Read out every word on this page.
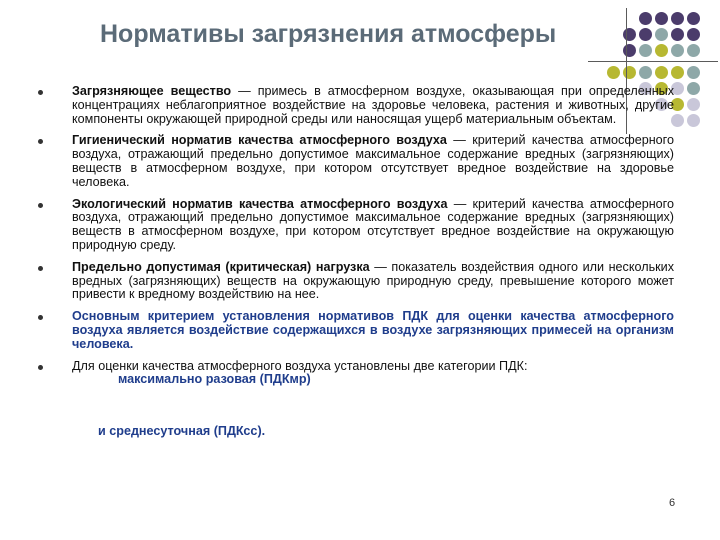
Нормативы загрязнения атмосферы
Загрязняющее вещество — примесь в атмосферном воздухе, оказывающая при определенных концентрациях неблагоприятное воздействие на здоровье человека, растения и животных, другие компоненты окружающей природной среды или наносящая ущерб материальным объектам.
Гигиенический норматив качества атмосферного воздуха — критерий качества атмосферного воздуха, отражающий предельно допустимое максимальное содержание вредных (загрязняющих) веществ в атмосферном воздухе, при котором отсутствует вредное воздействие на здоровье человека.
Экологический норматив качества атмосферного воздуха — критерий качества атмосферного воздуха, отражающий предельно допустимое максимальное содержание вредных (загрязняющих) веществ в атмосферном воздухе, при котором отсутствует вредное воздействие на окружающую природную среду.
Предельно допустимая (критическая) нагрузка — показатель воздействия одного или нескольких вредных (загрязняющих) веществ на окружающую природную среду, превышение которого может привести к вредному воздействию на нее.
Основным критерием установления нормативов ПДК для оценки качества атмосферного воздуха является воздействие содержащихся в воздухе загрязняющих примесей на организм человека.
Для оценки качества атмосферного воздуха установлены две категории ПДК:
максимально разовая (ПДКмр)
и среднесуточная (ПДКсс).
6
